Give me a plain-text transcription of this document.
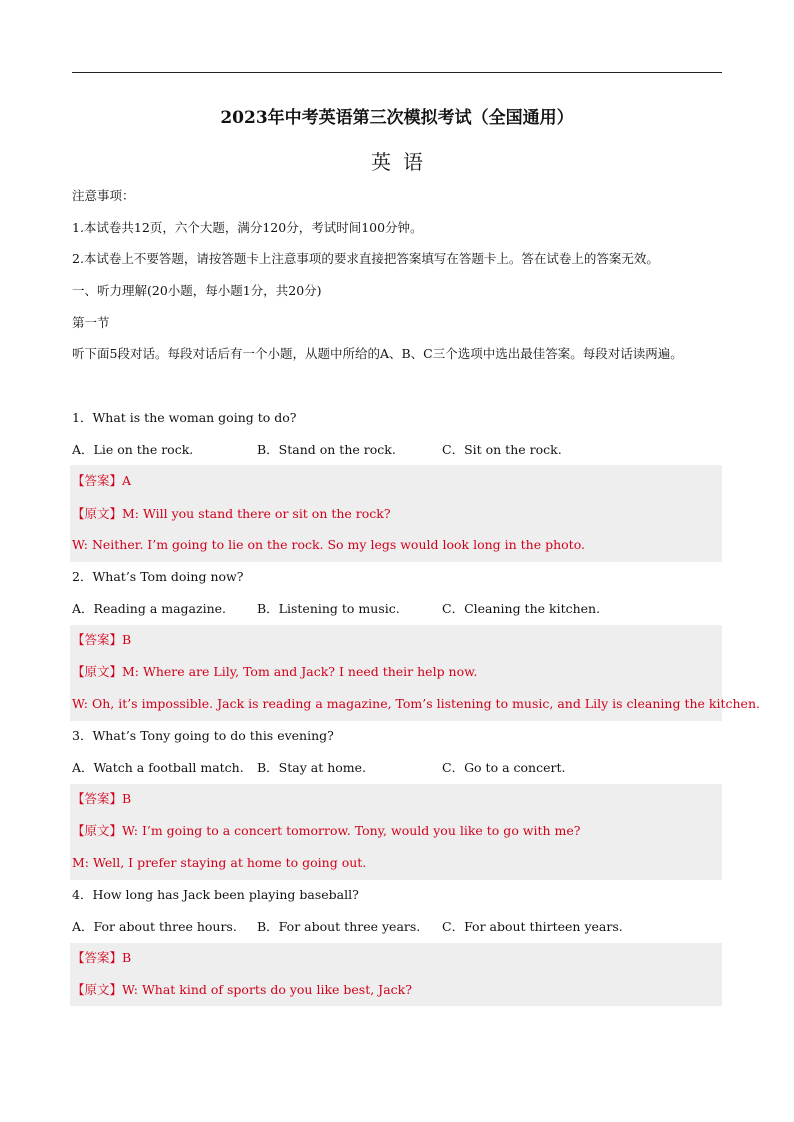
2023年中考英语第三次模拟考试（全国通用）
英语
注意事项：
1.本试卷共12页，六个大题，满分120分，考试时间100分钟。
2.本试卷上不要答题，请按答题卡上注意事项的要求直接把答案填写在答题卡上。答在试卷上的答案无效。
一、听力理解(20小题，每小题1分，共20分)
第一节
听下面5段对话。每段对话后有一个小题，从题中所给的A、B、C三个选项中选出最佳答案。每段对话读两遍。
1．What is the woman going to do?
A．Lie on the rock.	B．Stand on the rock.	C．Sit on the rock.
【答案】A
【原文】M: Will you stand there or sit on the rock?
W: Neither. I’m going to lie on the rock. So my legs would look long in the photo.
2．What’s Tom doing now?
A．Reading a magazine. B．Listening to music.	C．Cleaning the kitchen.
【答案】B
【原文】M: Where are Lily, Tom and Jack? I need their help now.
W: Oh, it’s impossible. Jack is reading a magazine, Tom’s listening to music, and Lily is cleaning the kitchen.
3．What’s Tony going to do this evening?
A．Watch a football match. B．Stay at home.	C．Go to a concert.
【答案】B
【原文】W: I’m going to a concert tomorrow. Tony, would you like to go with me?
M: Well, I prefer staying at home to going out.
4．How long has Jack been playing baseball?
A．For about three hours. B．For about three years. C．For about thirteen years.
【答案】B
【原文】W: What kind of sports do you like best, Jack?
